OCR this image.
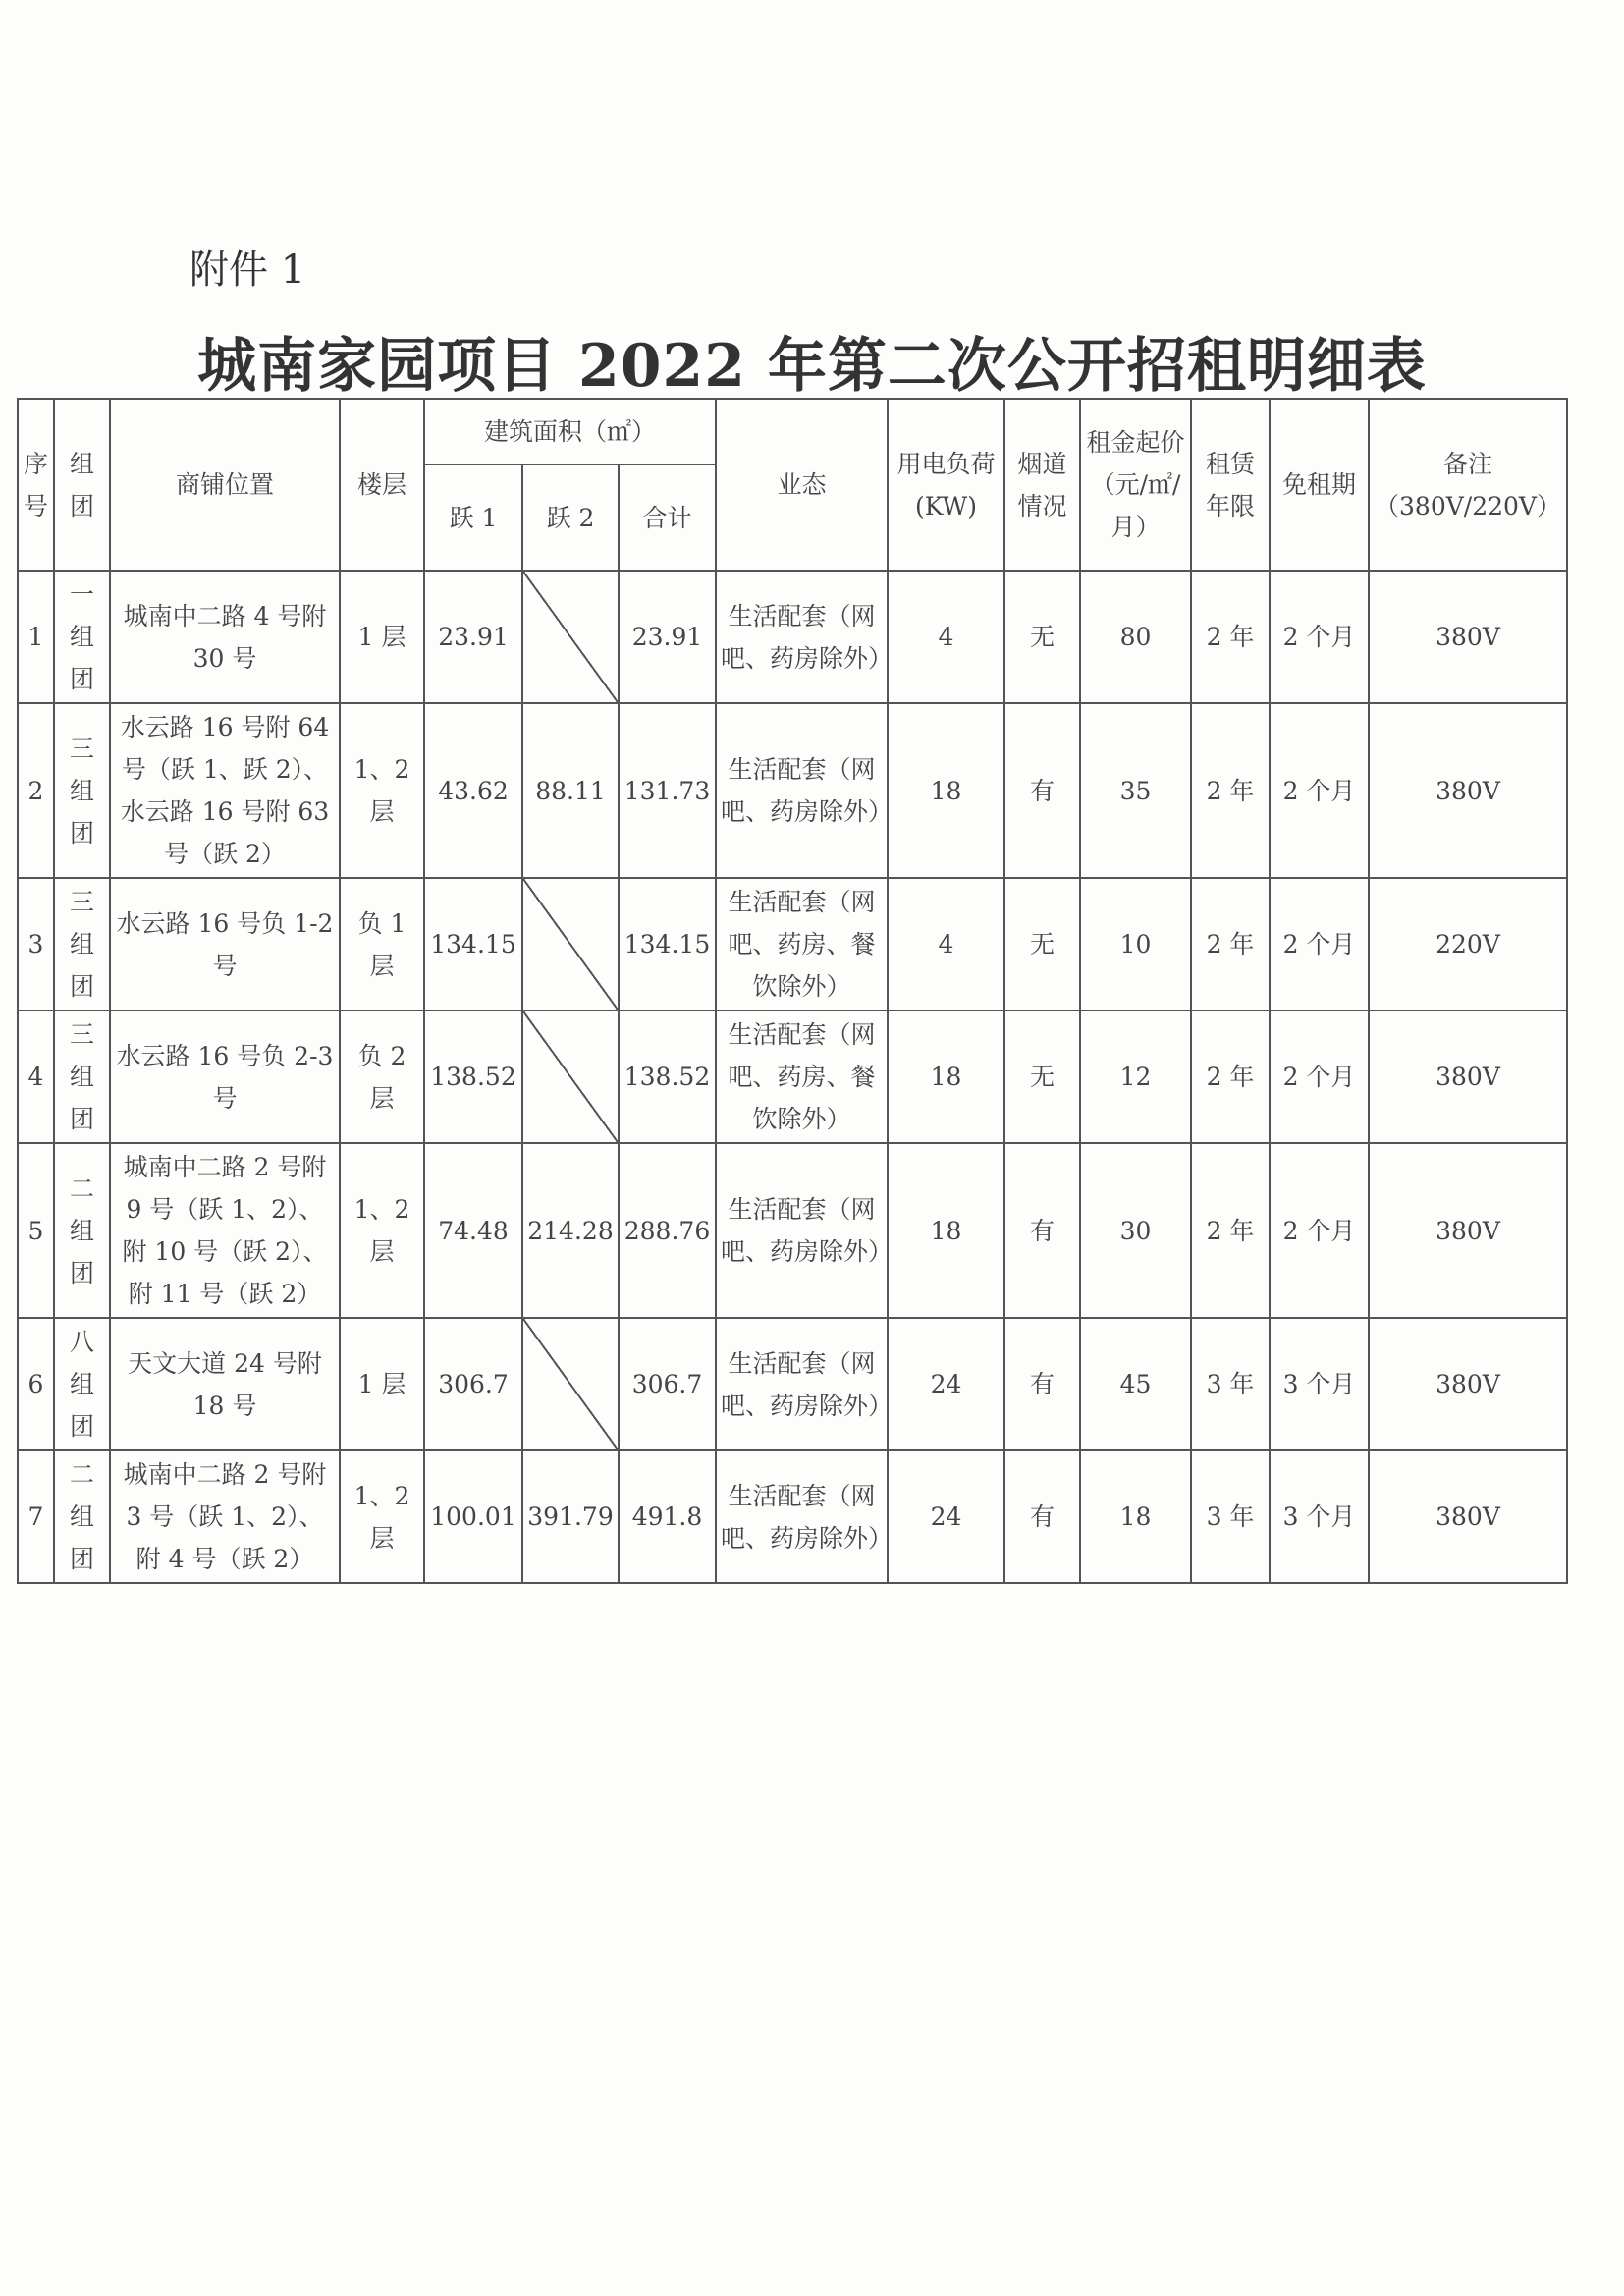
附件 1
城南家园项目 2022 年第二次公开招租明细表
序号	组团	商铺位置	楼层	建筑面积（㎡）			业态	用电负荷(KW)	烟道情况	租金起价（元/㎡/月）	租赁年限	免租期	备注（380V/220V）
				跃 1	跃 2	合计							
1	一组团	城南中二路 4 号附 30 号	1 层	23.91		23.91	生活配套（网吧、药房除外）	4	无	80	2 年	2 个月	380V
2	三组团	水云路 16 号附 64 号（跃 1、跃 2）、水云路 16 号附 63 号（跃 2）	1、2 层	43.62	88.11	131.73	生活配套（网吧、药房除外）	18	有	35	2 年	2 个月	380V
3	三组团	水云路 16 号负 1-2 号	负 1 层	134.15		134.15	生活配套（网吧、药房、餐饮除外）	4	无	10	2 年	2 个月	220V
4	三组团	水云路 16 号负 2-3 号	负 2 层	138.52		138.52	生活配套（网吧、药房、餐饮除外）	18	无	12	2 年	2 个月	380V
5	二组团	城南中二路 2 号附 9 号（跃 1、2）、附 10 号（跃 2）、附 11 号（跃 2）	1、2 层	74.48	214.28	288.76	生活配套（网吧、药房除外）	18	有	30	2 年	2 个月	380V
6	八组团	天文大道 24 号附 18 号	1 层	306.7		306.7	生活配套（网吧、药房除外）	24	有	45	3 年	3 个月	380V
7	二组团	城南中二路 2 号附 3 号（跃 1、2）、附 4 号（跃 2）	1、2 层	100.01	391.79	491.8	生活配套（网吧、药房除外）	24	有	18	3 年	3 个月	380V
